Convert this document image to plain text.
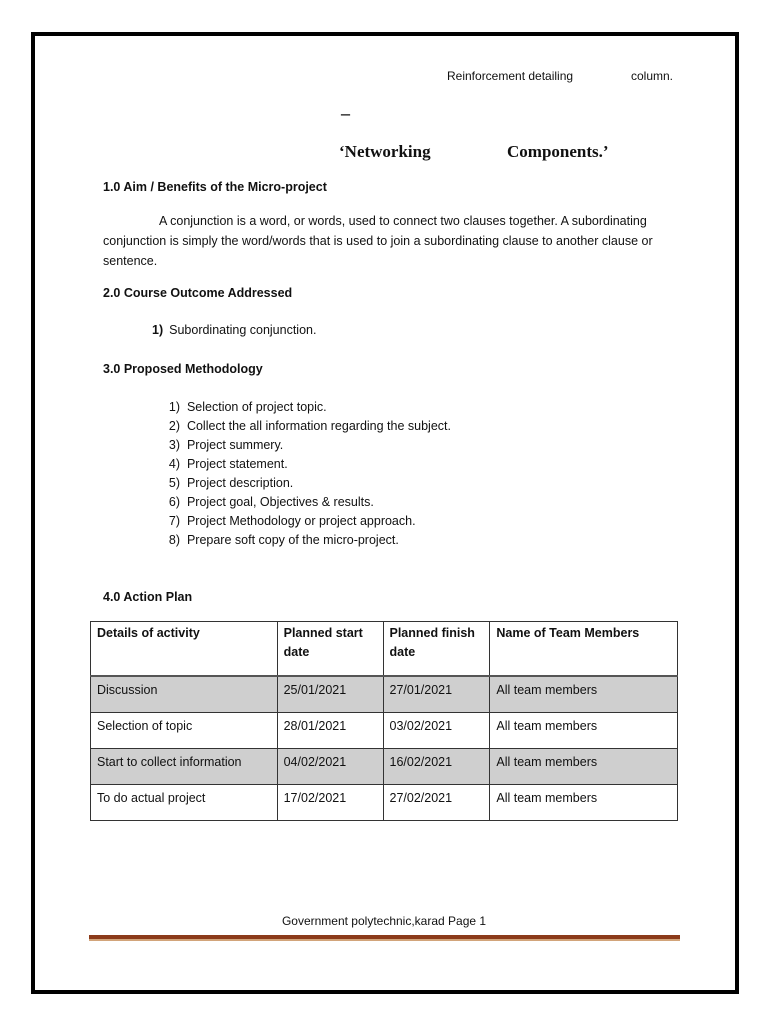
Reinforcement detailing	column.
–
‘Networking	Components.’
1.0 Aim / Benefits of the Micro-project
A conjunction is a word, or words, used to connect two clauses together. A subordinating conjunction is simply the word/words that is used to join a subordinating clause to another clause or sentence.
2.0 Course Outcome Addressed
1) Subordinating conjunction.
3.0 Proposed Methodology
1) Selection of project topic.
2) Collect the all information regarding the subject.
3) Project summery.
4) Project statement.
5) Project description.
6) Project goal, Objectives & results.
7) Project Methodology or project approach.
8) Prepare soft copy of the micro-project.
4.0 Action Plan
Details of activity	Planned start date	Planned finish date	Name of Team Members
Discussion	25/01/2021	27/01/2021	All team members
Selection of topic	28/01/2021	03/02/2021	All team members
Start to collect information	04/02/2021	16/02/2021	All team members
To do actual project	17/02/2021	27/02/2021	All team members
Government polytechnic,karad Page 1
